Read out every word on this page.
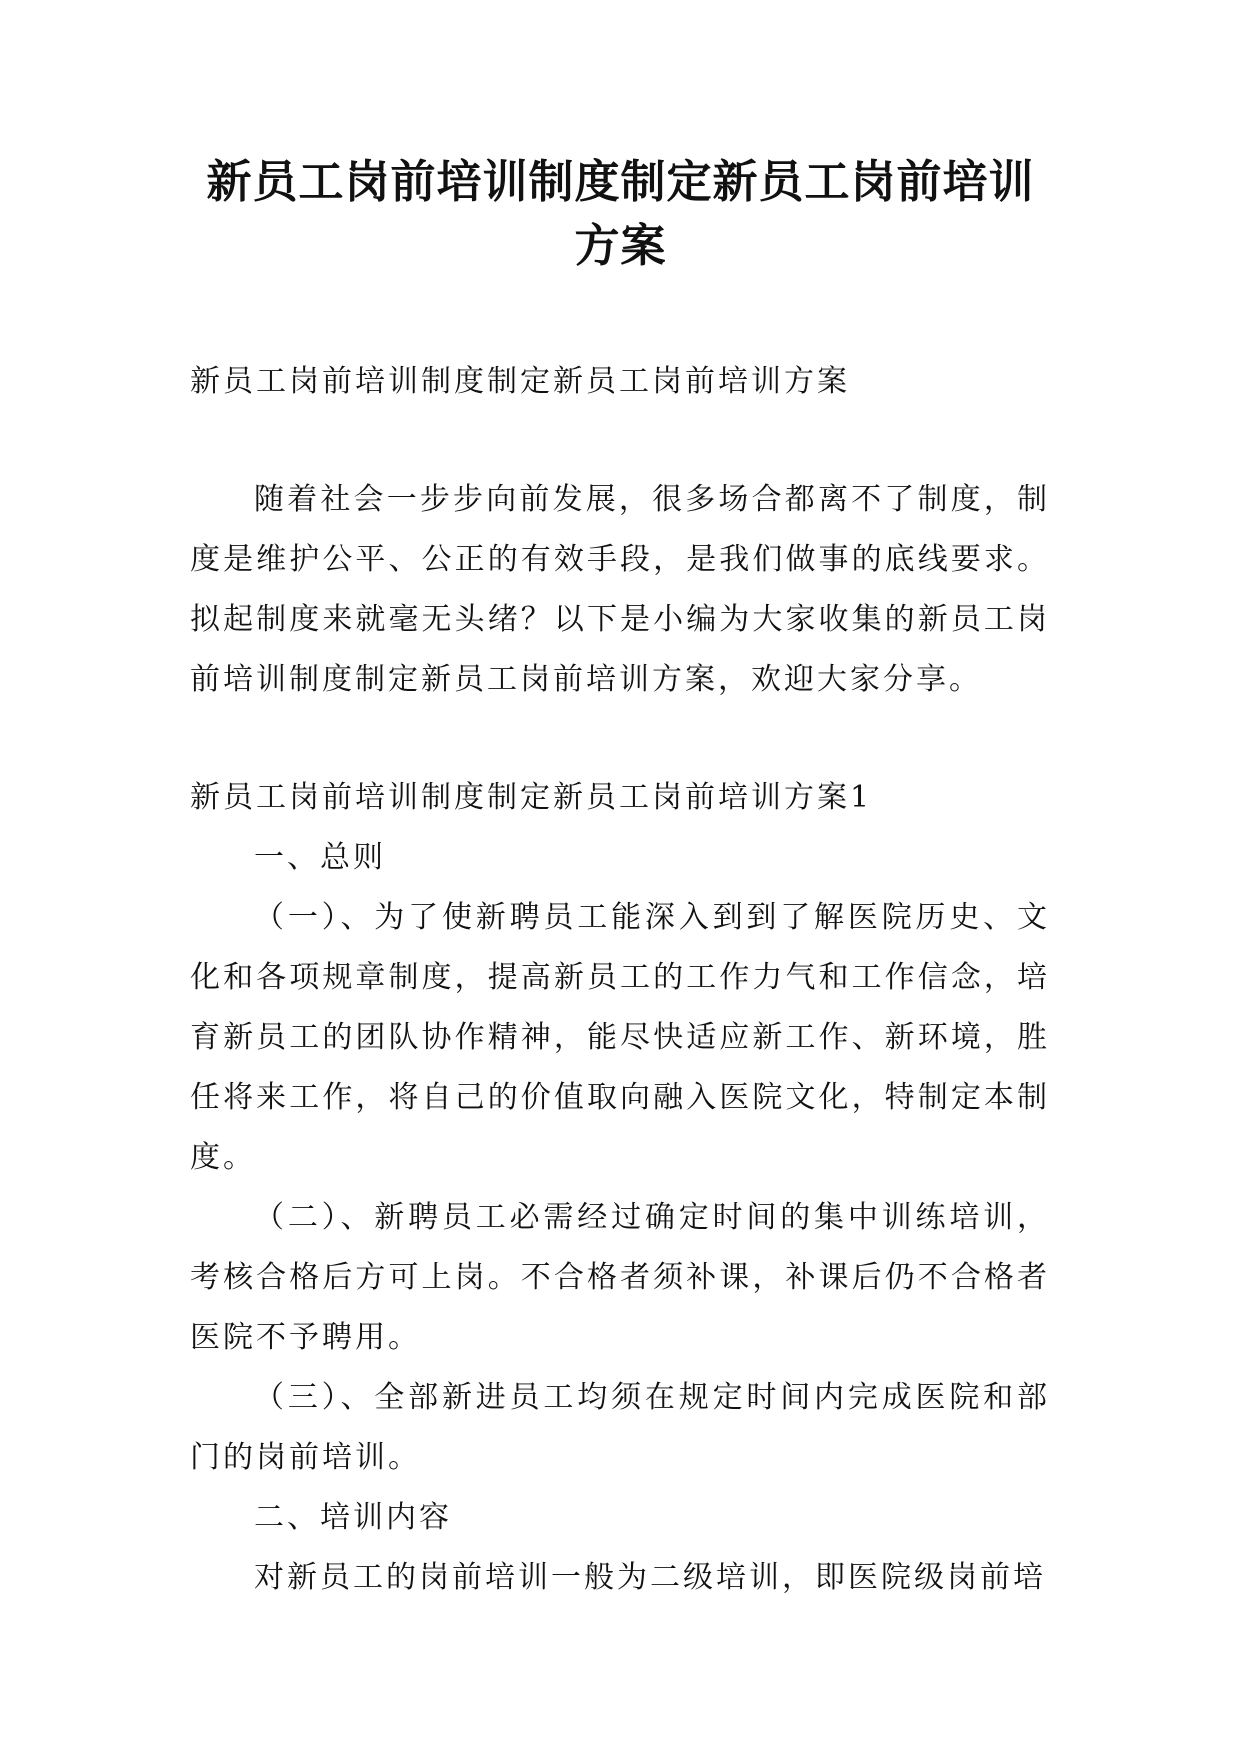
新员工岗前培训制度制定新员工岗前培训
方案

新员工岗前培训制度制定新员工岗前培训方案

随着社会一步步向前发展，很多场合都离不了制度，制度是维护公平、公正的有效手段，是我们做事的底线要求。拟起制度来就毫无头绪？以下是小编为大家收集的新员工岗前培训制度制定新员工岗前培训方案，欢迎大家分享。

新员工岗前培训制度制定新员工岗前培训方案1

一、总则

（一）、为了使新聘员工能深入到到了解医院历史、文化和各项规章制度，提高新员工的工作力气和工作信念，培育新员工的团队协作精神，能尽快适应新工作、新环境，胜任将来工作，将自己的价值取向融入医院文化，特制定本制度。

（二）、新聘员工必需经过确定时间的集中训练培训，考核合格后方可上岗。不合格者须补课，补课后仍不合格者医院不予聘用。

（三）、全部新进员工均须在规定时间内完成医院和部门的岗前培训。

二、培训内容

对新员工的岗前培训一般为二级培训，即医院级岗前培
